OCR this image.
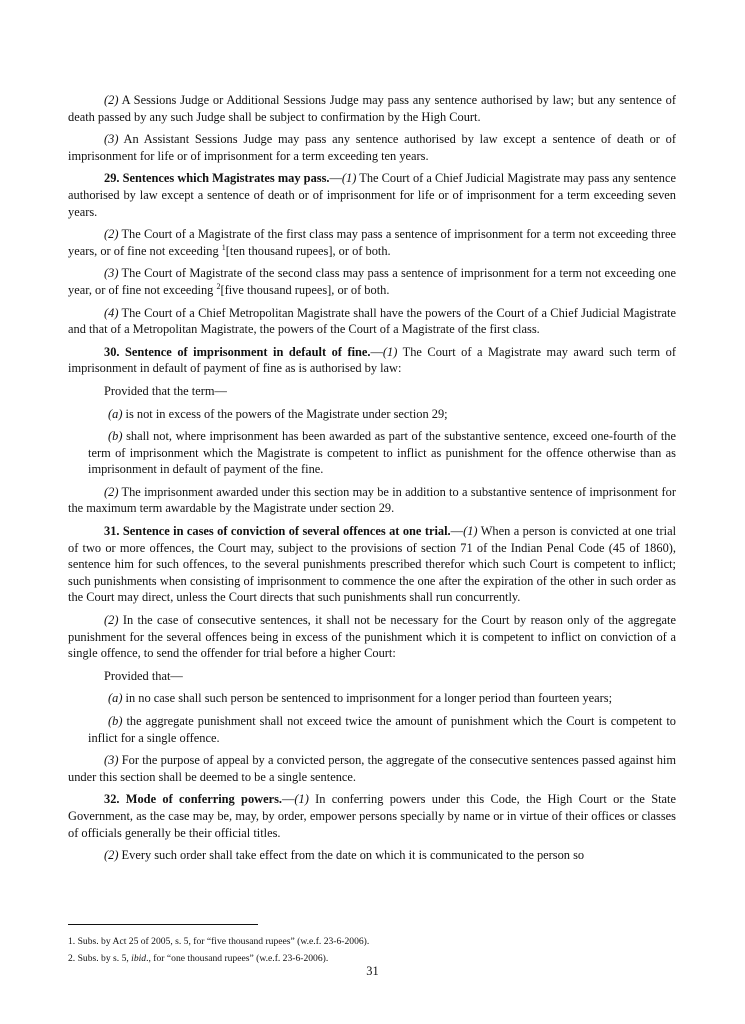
(2) A Sessions Judge or Additional Sessions Judge may pass any sentence authorised by law; but any sentence of death passed by any such Judge shall be subject to confirmation by the High Court.

(3) An Assistant Sessions Judge may pass any sentence authorised by law except a sentence of death or of imprisonment for life or of imprisonment for a term exceeding ten years.

29. Sentences which Magistrates may pass.—(1) The Court of a Chief Judicial Magistrate may pass any sentence authorised by law except a sentence of death or of imprisonment for life or of imprisonment for a term exceeding seven years.

(2) The Court of a Magistrate of the first class may pass a sentence of imprisonment for a term not exceeding three years, or of fine not exceeding $^1$[ten thousand rupees], or of both.

(3) The Court of Magistrate of the second class may pass a sentence of imprisonment for a term not exceeding one year, or of fine not exceeding $^2$[five thousand rupees], or of both.

(4) The Court of a Chief Metropolitan Magistrate shall have the powers of the Court of a Chief Judicial Magistrate and that of a Metropolitan Magistrate, the powers of the Court of a Magistrate of the first class.

30. Sentence of imprisonment in default of fine.—(1) The Court of a Magistrate may award such term of imprisonment in default of payment of fine as is authorised by law:

Provided that the term—

(a) is not in excess of the powers of the Magistrate under section 29;

(b) shall not, where imprisonment has been awarded as part of the substantive sentence, exceed one-fourth of the term of imprisonment which the Magistrate is competent to inflict as punishment for the offence otherwise than as imprisonment in default of payment of the fine.

(2) The imprisonment awarded under this section may be in addition to a substantive sentence of imprisonment for the maximum term awardable by the Magistrate under section 29.

31. Sentence in cases of conviction of several offences at one trial.—(1) When a person is convicted at one trial of two or more offences, the Court may, subject to the provisions of section 71 of the Indian Penal Code (45 of 1860), sentence him for such offences, to the several punishments prescribed therefor which such Court is competent to inflict; such punishments when consisting of imprisonment to commence the one after the expiration of the other in such order as the Court may direct, unless the Court directs that such punishments shall run concurrently.

(2) In the case of consecutive sentences, it shall not be necessary for the Court by reason only of the aggregate punishment for the several offences being in excess of the punishment which it is competent to inflict on conviction of a single offence, to send the offender for trial before a higher Court:

Provided that—

(a) in no case shall such person be sentenced to imprisonment for a longer period than fourteen years;

(b) the aggregate punishment shall not exceed twice the amount of punishment which the Court is competent to inflict for a single offence.

(3) For the purpose of appeal by a convicted person, the aggregate of the consecutive sentences passed against him under this section shall be deemed to be a single sentence.

32. Mode of conferring powers.—(1) In conferring powers under this Code, the High Court or the State Government, as the case may be, may, by order, empower persons specially by name or in virtue of their offices or classes of officials generally be their official titles.

(2) Every such order shall take effect from the date on which it is communicated to the person so

1. Subs. by Act 25 of 2005, s. 5, for “five thousand rupees” (w.e.f. 23-6-2006).
2. Subs. by s. 5, ibid., for “one thousand rupees” (w.e.f. 23-6-2006).
31
